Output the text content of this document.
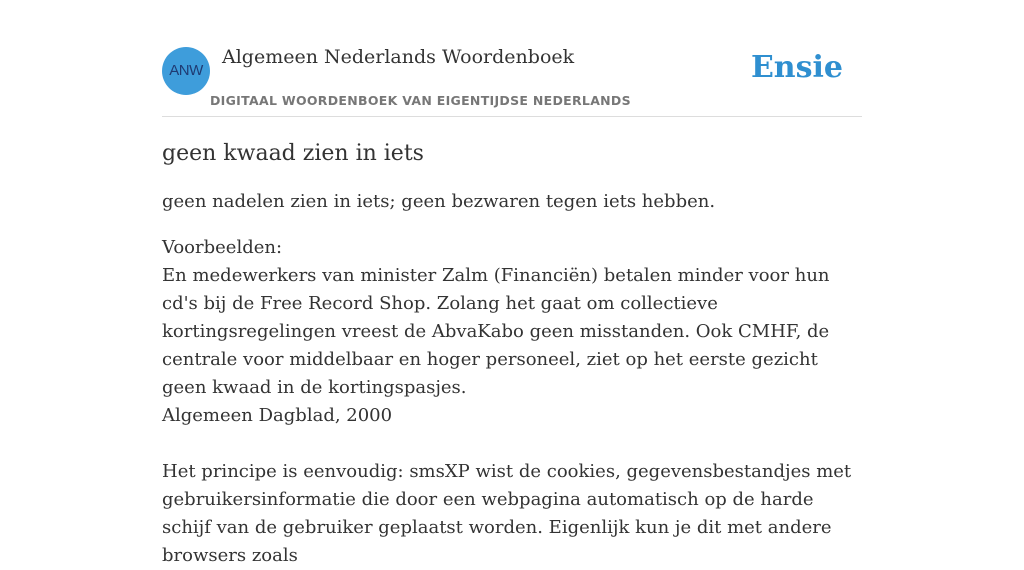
ANW
Algemeen Nederlands Woordenboek
DIGITAAL WOORDENBOEK VAN EIGENTIJDSE NEDERLANDS
Ensie
geen kwaad zien in iets

geen nadelen zien in iets; geen bezwaren tegen iets hebben.

Voorbeelden:
En medewerkers van minister Zalm (Financiën) betalen minder voor hun cd's bij de Free Record Shop. Zolang het gaat om collectieve kortingsregelingen vreest de AbvaKabo geen misstanden. Ook CMHF, de centrale voor middelbaar en hoger personeel, ziet op het eerste gezicht geen kwaad in de kortingspasjes.
Algemeen Dagblad, 2000
Het principe is eenvoudig: smsXP wist de cookies, gegevensbestandjes met gebruikersinformatie die door een webpagina automatisch op de harde schijf van de gebruiker geplaatst worden. Eigenlijk kun je dit met andere browsers zoals
